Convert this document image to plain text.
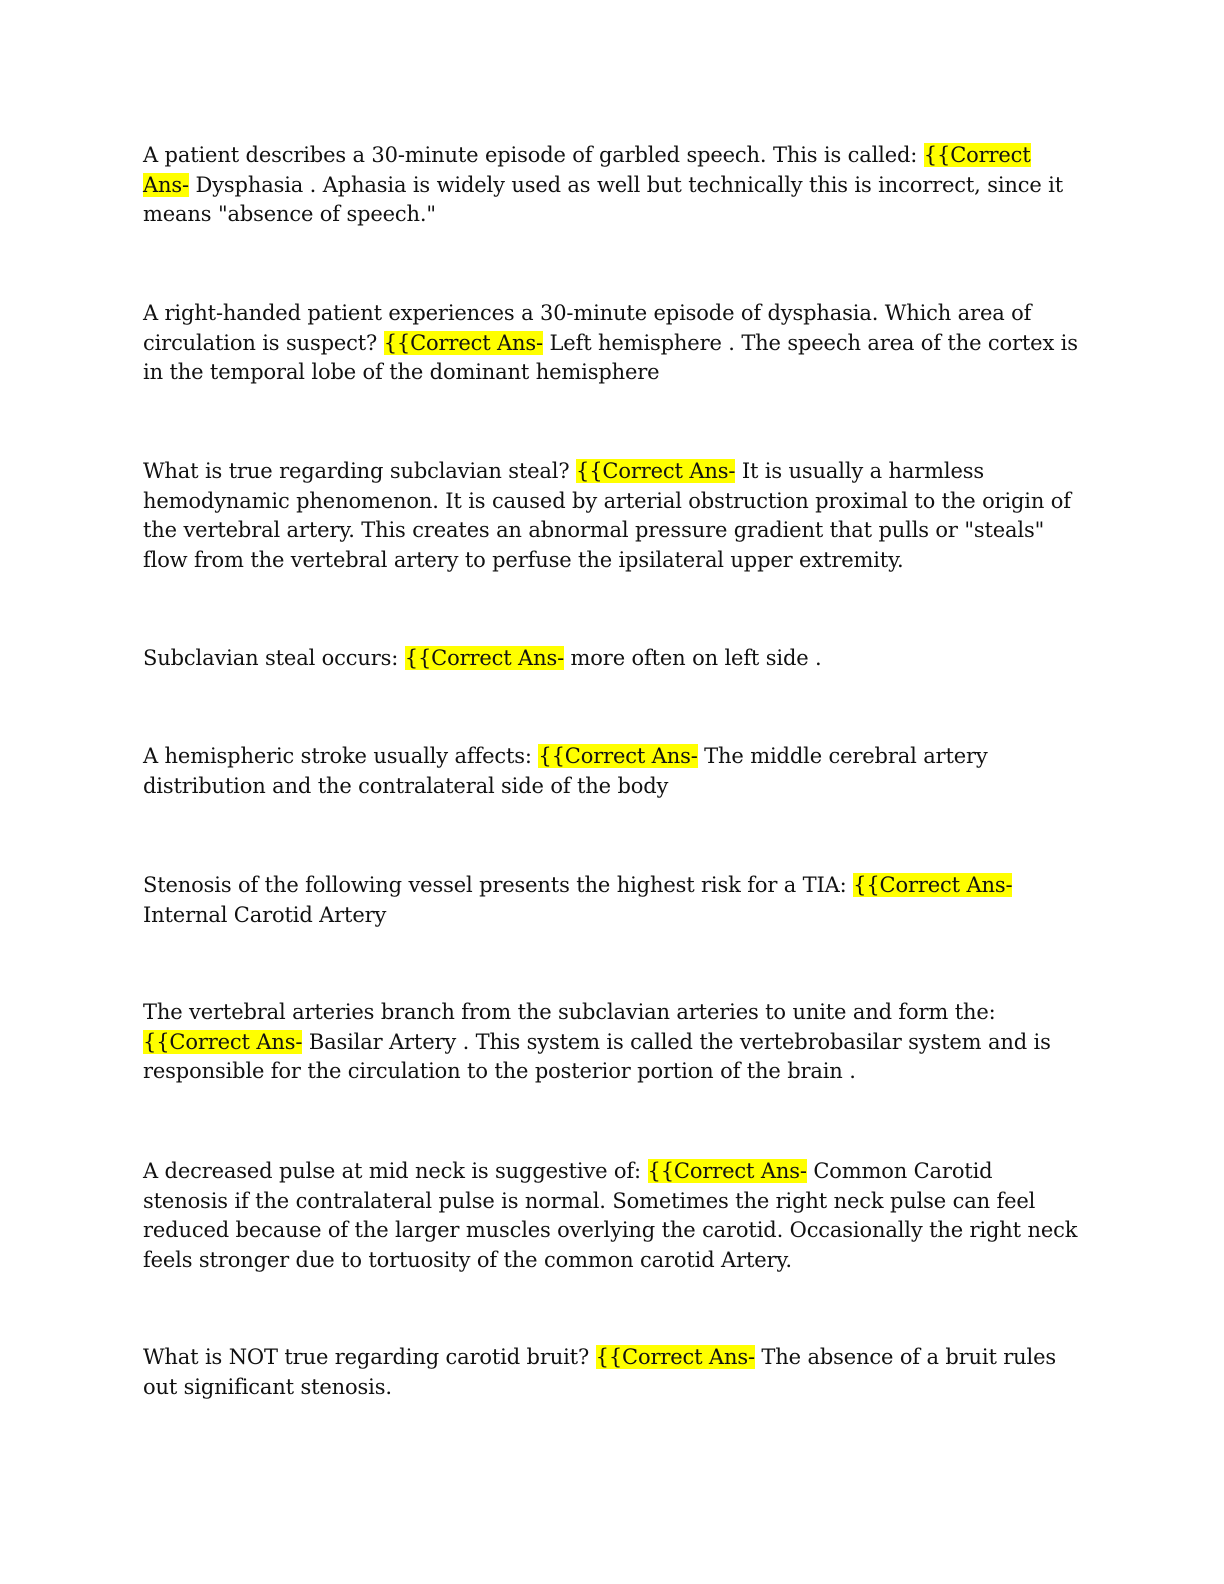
A patient describes a 30-minute episode of garbled speech. This is called: {{Correct Ans- Dysphasia . Aphasia is widely used as well but technically this is incorrect, since it means "absence of speech."

A right-handed patient experiences a 30-minute episode of dysphasia. Which area of circulation is suspect? {{Correct Ans- Left hemisphere . The speech area of the cortex is in the temporal lobe of the dominant hemisphere

What is true regarding subclavian steal? {{Correct Ans- It is usually a harmless hemodynamic phenomenon. It is caused by arterial obstruction proximal to the origin of the vertebral artery. This creates an abnormal pressure gradient that pulls or "steals" flow from the vertebral artery to perfuse the ipsilateral upper extremity.

Subclavian steal occurs: {{Correct Ans- more often on left side .

A hemispheric stroke usually affects: {{Correct Ans- The middle cerebral artery distribution and the contralateral side of the body

Stenosis of the following vessel presents the highest risk for a TIA: {{Correct Ans- Internal Carotid Artery

The vertebral arteries branch from the subclavian arteries to unite and form the: {{Correct Ans- Basilar Artery . This system is called the vertebrobasilar system and is responsible for the circulation to the posterior portion of the brain .

A decreased pulse at mid neck is suggestive of: {{Correct Ans- Common Carotid stenosis if the contralateral pulse is normal. Sometimes the right neck pulse can feel reduced because of the larger muscles overlying the carotid. Occasionally the right neck feels stronger due to tortuosity of the common carotid Artery.

What is NOT true regarding carotid bruit? {{Correct Ans- The absence of a bruit rules out significant stenosis.
